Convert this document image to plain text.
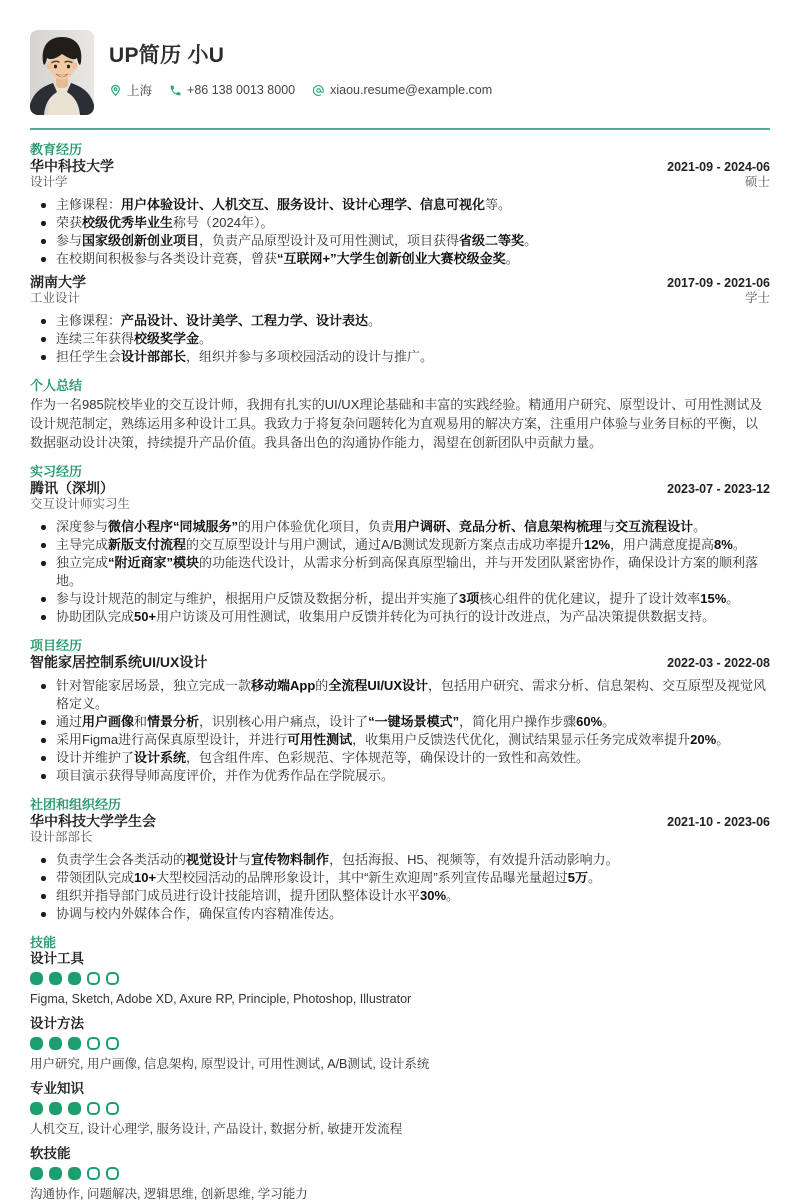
UP简历 小U
上海	+86 138 0013 8000	xiaou.resume@example.com
教育经历
华中科技大学	2021-09 - 2024-06
设计学	硕士
主修课程：用户体验设计、人机交互、服务设计、设计心理学、信息可视化等。
荣获校级优秀毕业生称号（2024年）。
参与国家级创新创业项目，负责产品原型设计及可用性测试，项目获得省级二等奖。
在校期间积极参与各类设计竞赛，曾获“互联网+”大学生创新创业大赛校级金奖。
湖南大学	2017-09 - 2021-06
工业设计	学士
主修课程：产品设计、设计美学、工程力学、设计表达。
连续三年获得校级奖学金。
担任学生会设计部部长，组织并参与多项校园活动的设计与推广。
个人总结

作为一名985院校毕业的交互设计师，我拥有扎实的UI/UX理论基础和丰富的实践经验。精通用户研究、原型设计、可用性测试及设计规范制定，熟练运用多种设计工具。我致力于将复杂问题转化为直观易用的解决方案，注重用户体验与业务目标的平衡，以数据驱动设计决策，持续提升产品价值。我具备出色的沟通协作能力，渴望在创新团队中贡献力量。

实习经历
腾讯（深圳）	2023-07 - 2023-12
交互设计师实习生
深度参与微信小程序“同城服务”的用户体验优化项目，负责用户调研、竞品分析、信息架构梳理与交互流程设计。
主导完成新版支付流程的交互原型设计与用户测试，通过A/B测试发现新方案点击成功率提升12%，用户满意度提高8%。
独立完成“附近商家”模块的功能迭代设计，从需求分析到高保真原型输出，并与开发团队紧密协作，确保设计方案的顺利落地。
参与设计规范的制定与维护，根据用户反馈及数据分析，提出并实施了3项核心组件的优化建议，提升了设计效率15%。
协助团队完成50+用户访谈及可用性测试，收集用户反馈并转化为可执行的设计改进点，为产品决策提供数据支持。
项目经历
智能家居控制系统UI/UX设计	2022-03 - 2022-08
针对智能家居场景，独立完成一款移动端App的全流程UI/UX设计，包括用户研究、需求分析、信息架构、交互原型及视觉风格定义。
通过用户画像和情景分析，识别核心用户痛点，设计了“一键场景模式”，简化用户操作步骤60%。
采用Figma进行高保真原型设计，并进行可用性测试，收集用户反馈迭代优化，测试结果显示任务完成效率提升20%。
设计并维护了设计系统，包含组件库、色彩规范、字体规范等，确保设计的一致性和高效性。
项目演示获得导师高度评价，并作为优秀作品在学院展示。
社团和组织经历
华中科技大学学生会	2021-10 - 2023-06
设计部部长
负责学生会各类活动的视觉设计与宣传物料制作，包括海报、H5、视频等，有效提升活动影响力。
带领团队完成10+大型校园活动的品牌形象设计，其中“新生欢迎周”系列宣传品曝光量超过5万。
组织并指导部门成员进行设计技能培训，提升团队整体设计水平30%。
协调与校内外媒体合作，确保宣传内容精准传达。
技能
设计工具

Figma, Sketch, Adobe XD, Axure RP, Principle, Photoshop, Illustrator

设计方法

用户研究, 用户画像, 信息架构, 原型设计, 可用性测试, A/B测试, 设计系统

专业知识

人机交互, 设计心理学, 服务设计, 产品设计, 数据分析, 敏捷开发流程

软技能

沟通协作, 问题解决, 逻辑思维, 创新思维, 学习能力
